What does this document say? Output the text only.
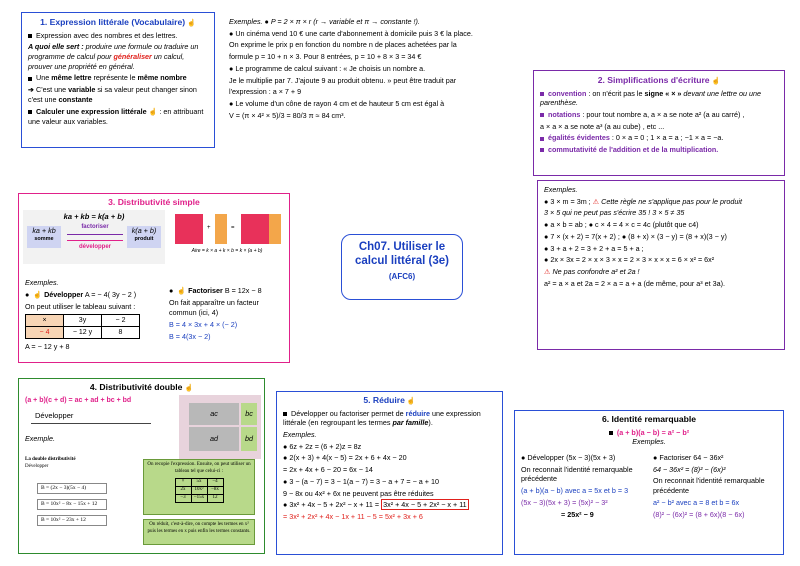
1. Expression littérale (Vocabulaire) ☝

Expression avec des nombres et des lettres.

A quoi elle sert : produire une formule ou traduire un programme de calcul pour généraliser un calcul, prouver une propriété en général.

Une même lettre représente le même nombre

➔ C'est une variable si sa valeur peut changer sinon c'est une constante

Calculer une expression littérale ☝ : en attribuant une valeur aux variables.

Exemples. ● P = 2 × π × r (r → variable et π → constante !).

● Un cinéma vend 10 € une carte d'abonnement à domicile puis 3 € la place.

On exprime le prix p en fonction du nombre n de places achetées par la

formule p = 10 + n × 3. Pour 8 entrées, p = 10 + 8 × 3 = 34 €

● Le programme de calcul suivant : « Je choisis un nombre a.

Je le multiplie par 7. J'ajoute 9 au produit obtenu. » peut être traduit par

l'expression : a × 7 + 9

● Le volume d'un cône de rayon 4 cm et de hauteur 5 cm est égal à

V = (π × 4² × 5)/3 = 80/3 π ≈ 84 cm³.

2. Simplifications d'écriture ☝

convention : on n'écrit pas le signe « × » devant une lettre ou une parenthèse.

notations : pour tout nombre a, a × a se note a² (a au carré) ,

a × a × a se note a³ (a au cube) , etc ...

égalités évidentes : 0 × a = 0 ; 1 × a = a ; −1 × a = −a.

commutativité de l'addition et de la multiplication.

3. Distributivité simple
ka + kb = k(a + b)
ka + kb
somme
k(a + b)
produit
factoriser
développer
+	=
Aire = k × a + k × b = k × (a + b)

Exemples.

● ☝ Développer A = − 4( 3y − 2 )

On peut utiliser le tableau suivant :

×	3y	− 2
− 4	− 12 y	8

A = − 12 y + 8

● ☝ Factoriser B = 12x − 8

On fait apparaître un facteur commun (ici, 4)

B = 4 × 3x + 4 × (− 2)

B = 4(3x − 2)

Ch07. Utiliser le calcul littéral (3e)
(AFC6)

Exemples.

● 3 × m = 3m ; ⚠ Cette règle ne s'applique pas pour le produit

3 × 5 qui ne peut pas s'écrire 35 ! 3 × 5 ≠ 35

● a × b = ab ; ● c × 4 = 4 × c = 4c (plutôt que c4)

● 7 × (x + 2) = 7(x + 2) ; ● (8 + x) × (3 − y) = (8 + x)(3 − y)

● 3 + a + 2 = 3 + 2 + a = 5 + a ;

● 2x × 3x = 2 × x × 3 × x = 2 × 3 × x × x = 6 × x² = 6x²

⚠ Ne pas confondre a² et 2a !

a² = a × a et 2a = 2 × a = a + a (de même, pour a³ et 3a).

4. Distributivité double ☝
(a + b)(c + d) = ac + ad + bc + bd
Développer

Exemple.

ac	bc
ad	bd
La double distributivité
Développer
B = (2x − 3)(5x − 4)
B = 10x² − 8x − 15x + 12
B = 10x² − 23x + 12
On recopie l'expression. Ensuite, on peut utiliser un tableau tel que celui-ci :
×	5x	−4
2x	10x²	−8x
−3	−15x	12
On réduit, c'est-à-dire, on compte les termes en x² puis les termes en x puis enfin les termes constants.
5. Réduire ☝

Développer ou factoriser permet de réduire une expression littérale (en regroupant les termes par famille).

Exemples.

● 6z + 2z = (6 + 2)z = 8z

● 2(x + 3) + 4(x − 5) = 2x + 6 + 4x − 20

= 2x + 4x + 6 − 20 = 6x − 14

● 3 − (a − 7) = 3 − 1(a − 7) = 3 − a + 7 = − a + 10

9 − 8x ou 4x² + 6x ne peuvent pas être réduites

● 3x² + 4x − 5 + 2x² − x + 11 = 3x² + 4x − 5 + 2x² − x + 11

= 3x² + 2x² + 4x − 1x + 11 − 5 = 5x² + 3x + 6

6. Identité remarquable
(a + b)(a − b) = a² − b²
Exemples.

● Développer (5x − 3)(5x + 3)

On reconnait l'identité remarquable précédente

(a + b)(a − b) avec a = 5x et b = 3

(5x − 3)(5x + 3) = (5x)² − 3²

= 25x² − 9

● Factoriser 64 − 36x²

64 − 36x² = (8)² − (6x)²

On reconnait l'identité remarquable précédente

a² − b² avec a = 8 et b = 6x

(8)² − (6x)² = (8 + 6x)(8 − 6x)
